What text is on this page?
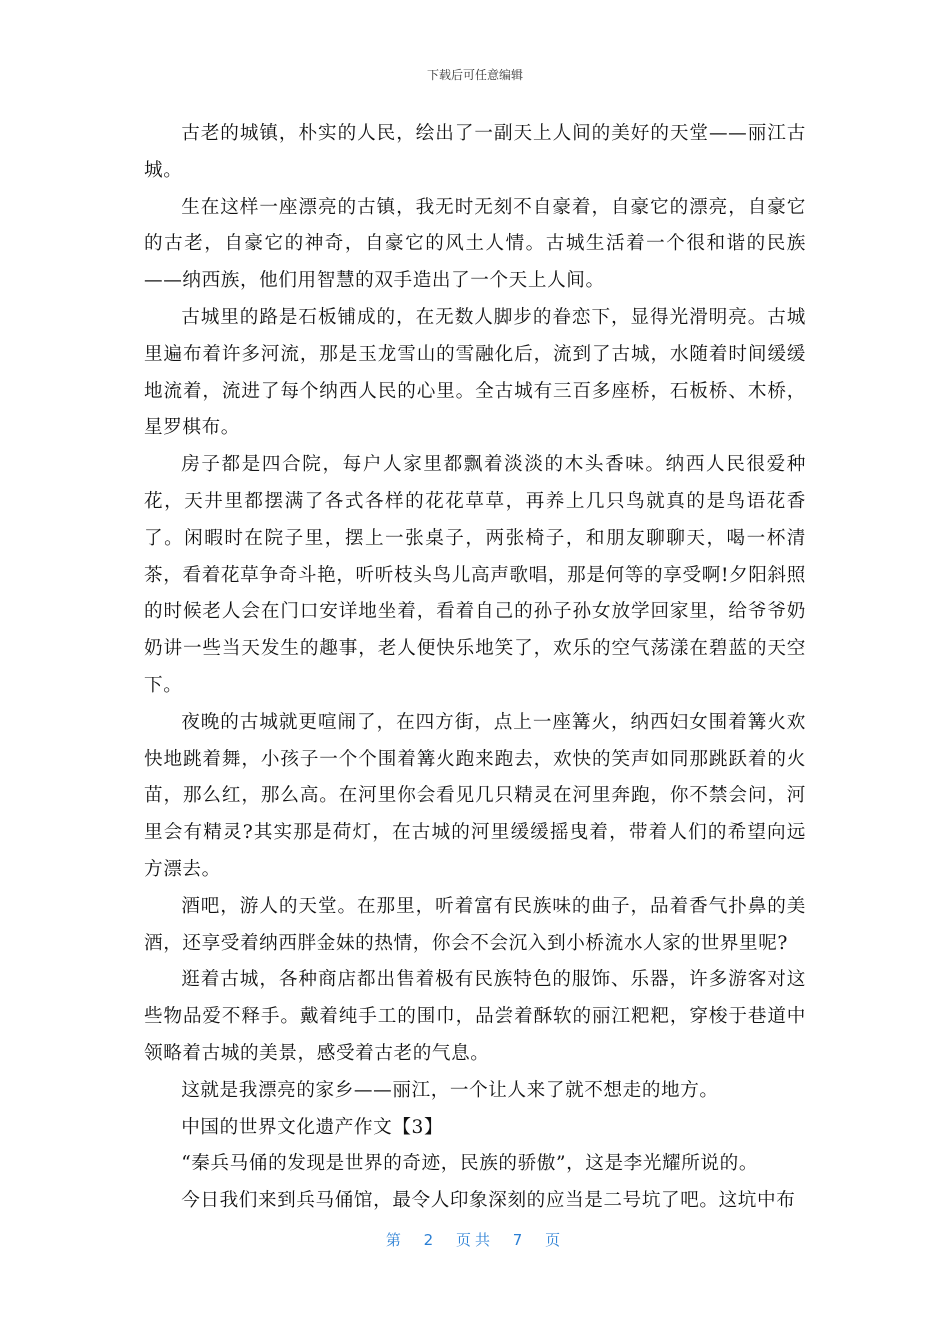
下载后可任意编辑

古老的城镇，朴实的人民，绘出了一副天上人间的美好的天堂——丽江古城。

生在这样一座漂亮的古镇，我无时无刻不自豪着，自豪它的漂亮，自豪它的古老，自豪它的神奇，自豪它的风土人情。古城生活着一个很和谐的民族——纳西族，他们用智慧的双手造出了一个天上人间。

古城里的路是石板铺成的，在无数人脚步的眷恋下，显得光滑明亮。古城里遍布着许多河流，那是玉龙雪山的雪融化后，流到了古城，水随着时间缓缓地流着，流进了每个纳西人民的心里。全古城有三百多座桥，石板桥、木桥，星罗棋布。

房子都是四合院，每户人家里都飘着淡淡的木头香味。纳西人民很爱种花，天井里都摆满了各式各样的花花草草，再养上几只鸟就真的是鸟语花香了。闲暇时在院子里，摆上一张桌子，两张椅子，和朋友聊聊天，喝一杯清茶，看着花草争奇斗艳，听听枝头鸟儿高声歌唱，那是何等的享受啊!夕阳斜照的时候老人会在门口安详地坐着，看着自己的孙子孙女放学回家里，给爷爷奶奶讲一些当天发生的趣事，老人便快乐地笑了，欢乐的空气荡漾在碧蓝的天空下。

夜晚的古城就更喧闹了，在四方街，点上一座篝火，纳西妇女围着篝火欢快地跳着舞，小孩子一个个围着篝火跑来跑去，欢快的笑声如同那跳跃着的火苗，那么红，那么高。在河里你会看见几只精灵在河里奔跑，你不禁会问，河里会有精灵?其实那是荷灯，在古城的河里缓缓摇曳着，带着人们的希望向远方漂去。

酒吧，游人的天堂。在那里，听着富有民族味的曲子，品着香气扑鼻的美酒，还享受着纳西胖金妹的热情，你会不会沉入到小桥流水人家的世界里呢?

逛着古城，各种商店都出售着极有民族特色的服饰、乐器，许多游客对这些物品爱不释手。戴着纯手工的围巾，品尝着酥软的丽江粑粑，穿梭于巷道中领略着古城的美景，感受着古老的气息。

这就是我漂亮的家乡——丽江，一个让人来了就不想走的地方。

中国的世界文化遗产作文【3】

“秦兵马俑的发现是世界的奇迹，民族的骄傲”，这是李光耀所说的。

今日我们来到兵马俑馆，最令人印象深刻的应当是二号坑了吧。这坑中布

第 2 页共 7 页
